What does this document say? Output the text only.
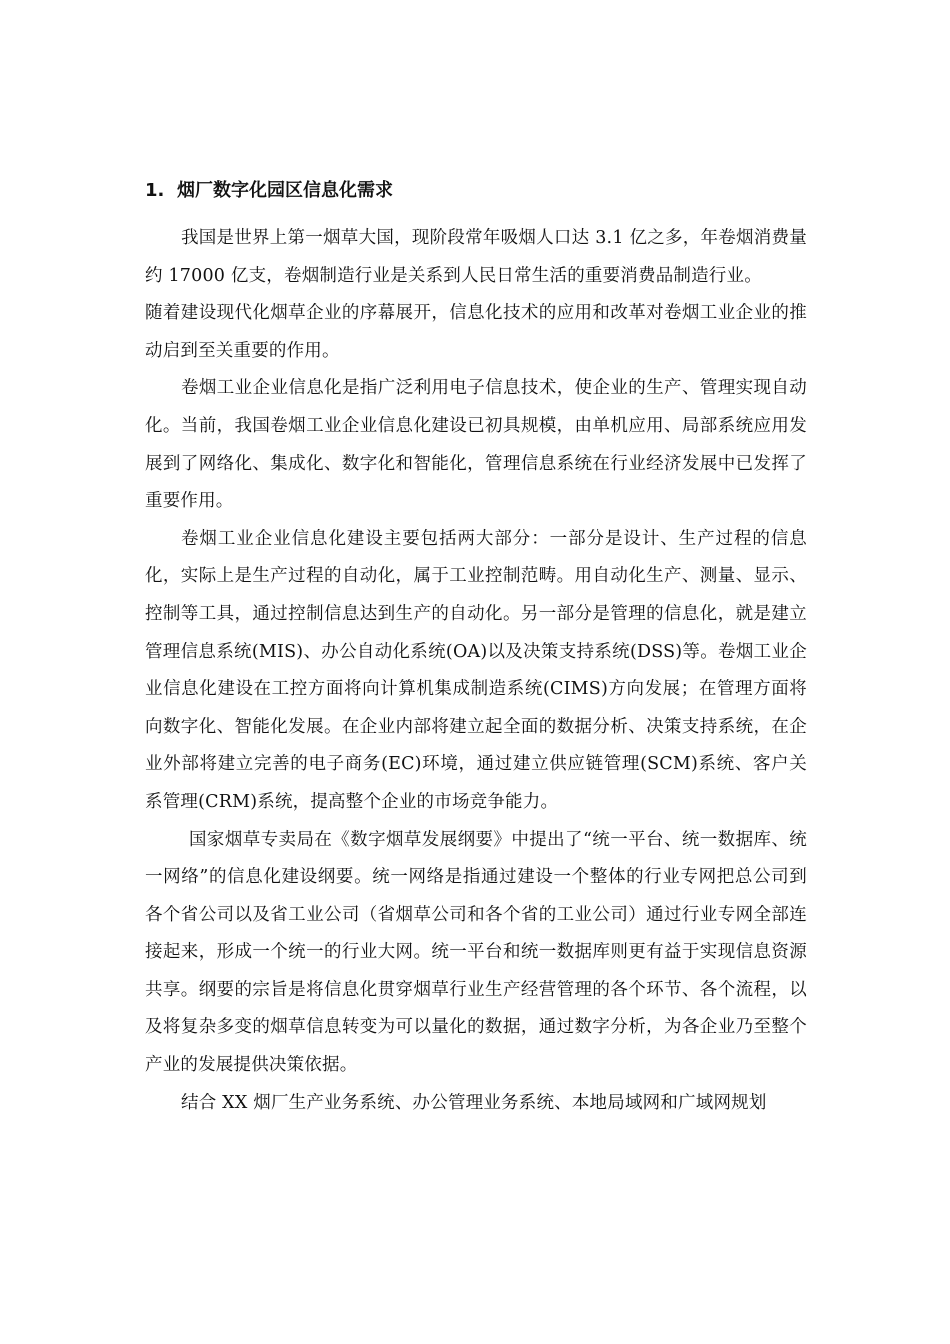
1. 烟厂数字化园区信息化需求

我国是世界上第一烟草大国，现阶段常年吸烟人口达 3.1 亿之多，年卷烟消费量约 17000 亿支，卷烟制造行业是关系到人民日常生活的重要消费品制造行业。

随着建设现代化烟草企业的序幕展开，信息化技术的应用和改革对卷烟工业企业的推动启到至关重要的作用。

卷烟工业企业信息化是指广泛利用电子信息技术，使企业的生产、管理实现自动化。当前，我国卷烟工业企业信息化建设已初具规模，由单机应用、局部系统应用发展到了网络化、集成化、数字化和智能化，管理信息系统在行业经济发展中已发挥了重要作用。

卷烟工业企业信息化建设主要包括两大部分：一部分是设计、生产过程的信息化，实际上是生产过程的自动化，属于工业控制范畴。用自动化生产、测量、显示、控制等工具，通过控制信息达到生产的自动化。另一部分是管理的信息化，就是建立管理信息系统(MIS)、办公自动化系统(OA)以及决策支持系统(DSS)等。卷烟工业企业信息化建设在工控方面将向计算机集成制造系统(CIMS)方向发展；在管理方面将向数字化、智能化发展。在企业内部将建立起全面的数据分析、决策支持系统，在企业外部将建立完善的电子商务(EC)环境，通过建立供应链管理(SCM)系统、客户关系管理(CRM)系统，提高整个企业的市场竞争能力。

国家烟草专卖局在《数字烟草发展纲要》中提出了“统一平台、统一数据库、统一网络”的信息化建设纲要。统一网络是指通过建设一个整体的行业专网把总公司到各个省公司以及省工业公司（省烟草公司和各个省的工业公司）通过行业专网全部连接起来，形成一个统一的行业大网。统一平台和统一数据库则更有益于实现信息资源共享。纲要的宗旨是将信息化贯穿烟草行业生产经营管理的各个环节、各个流程，以及将复杂多变的烟草信息转变为可以量化的数据，通过数字分析，为各企业乃至整个产业的发展提供决策依据。

结合 XX 烟厂生产业务系统、办公管理业务系统、本地局域网和广域网规划
